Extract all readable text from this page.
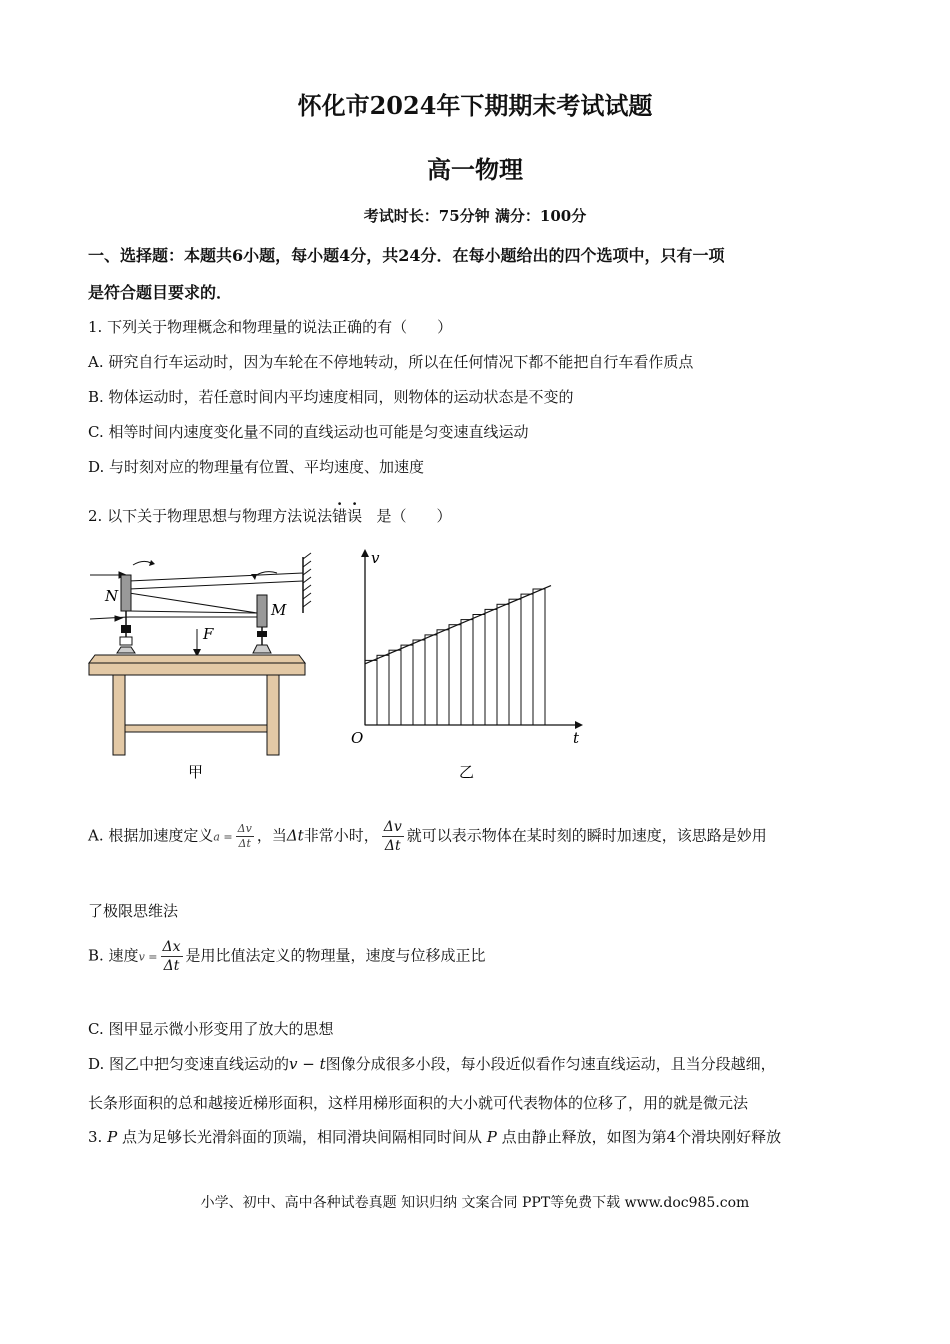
怀化市2024年下期期末考试试题
高一物理
考试时长：75分钟 满分：100分
一、选择题：本题共6小题，每小题4分，共24分．在每小题给出的四个选项中，只有一项
是符合题目要求的．
1. 下列关于物理概念和物理量的说法正确的有（　　）
A. 研究自行车运动时，因为车轮在不停地转动，所以在任何情况下都不能把自行车看作质点
B. 物体运动时，若任意时间内平均速度相同，则物体的运动状态是不变的
C. 相等时间内速度变化量不同的直线运动也可能是匀变速直线运动
D. 与时刻对应的物理量有位置、平均速度、加速度
2. 以下关于物理思想与物理方法说法错误 是（　　）
N
M
F
甲
v
t
O
乙
A. 根据加速度定义$a = \frac{\Delta v}{\Delta t}$ ，当Δt非常小时， $\frac{\Delta v}{\Delta t}$ 就可以表示物体在某时刻的瞬时加速度，该思路是妙用
了极限思维法
B. 速度$v = \frac{\Delta x}{\Delta t}$ 是用比值法定义的物理量，速度与位移成正比
C. 图甲显示微小形变用了放大的思想
D. 图乙中把匀变速直线运动的v − t图像分成很多小段，每小段近似看作匀速直线运动，且当分段越细，
长条形面积的总和越接近梯形面积，这样用梯形面积的大小就可代表物体的位移了，用的就是微元法
3. P 点为足够长光滑斜面的顶端，相同滑块间隔相同时间从 P 点由静止释放，如图为第4个滑块刚好释放
小学、初中、高中各种试卷真题 知识归纳 文案合同 PPT等免费下载 www.doc985.com
